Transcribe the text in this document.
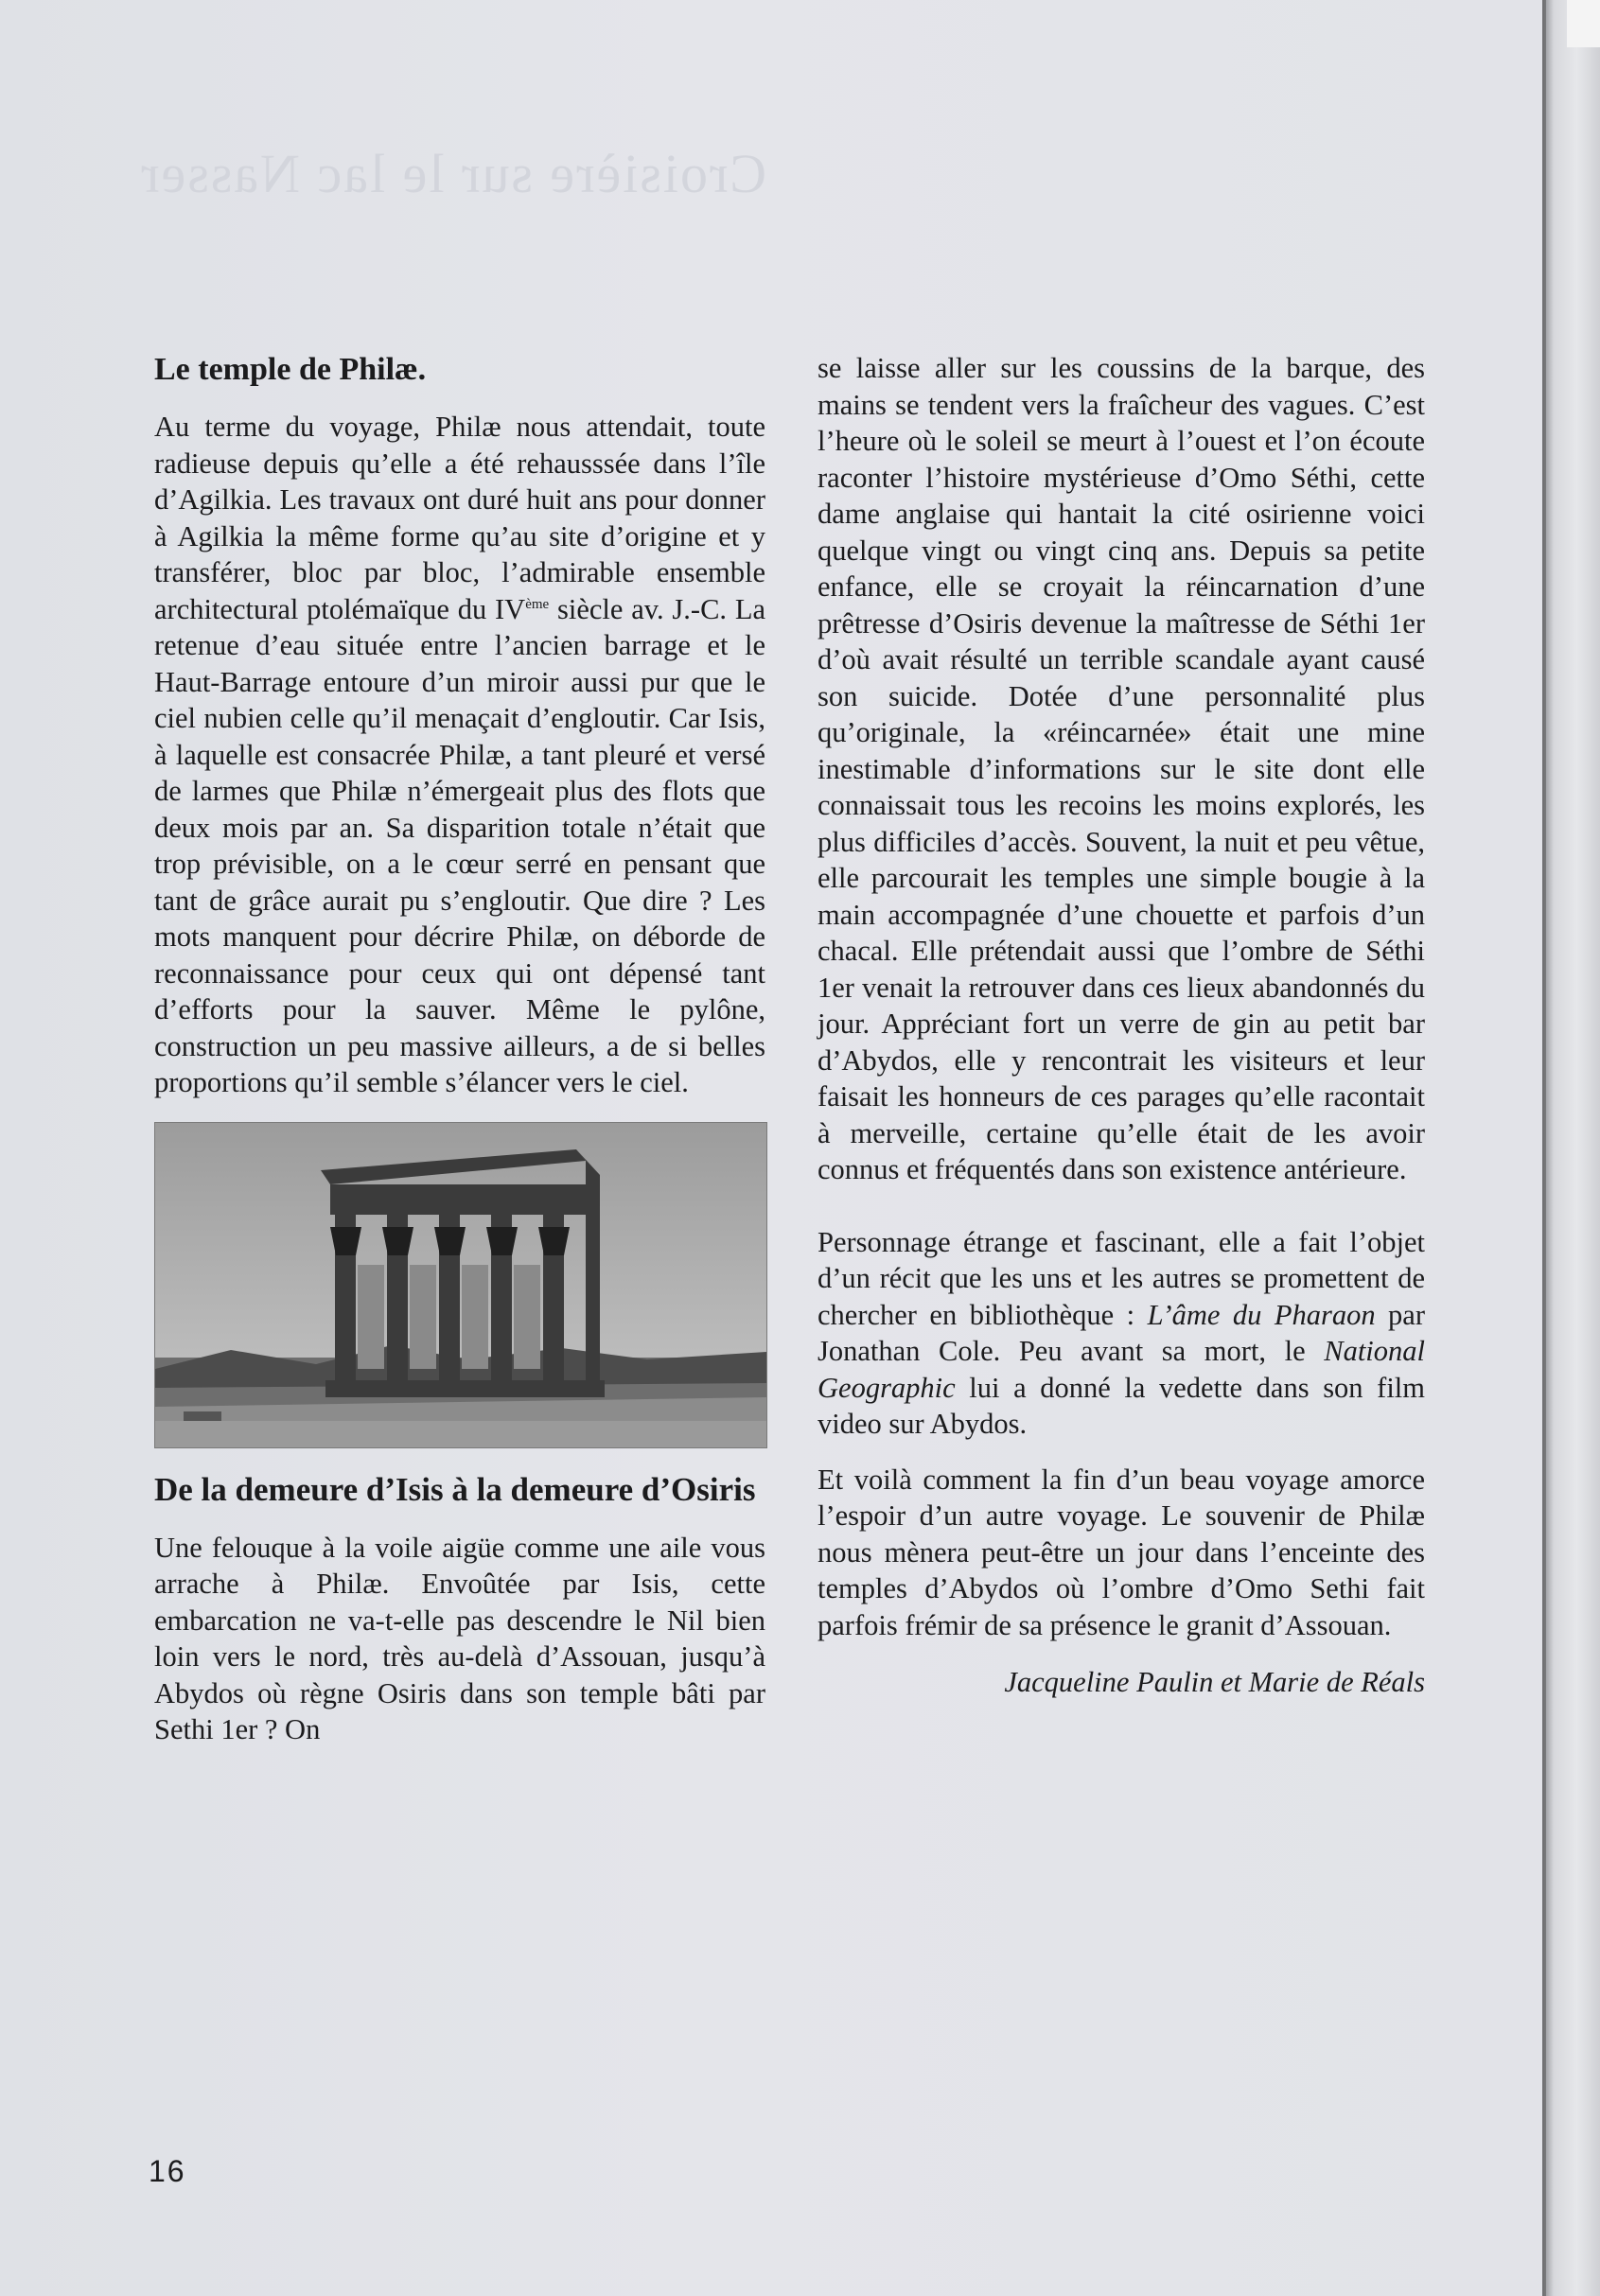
Croisière sur le lac Nasser
Le temple de Philæ.

Au terme du voyage, Philæ nous attendait, toute radieuse depuis qu’elle a été rehausssée dans l’île d’Agilkia. Les travaux ont duré huit ans pour donner à Agilkia la même forme qu’au site d’origine et y transférer, bloc par bloc, l’admirable ensemble architectural ptolémaïque du IVème siècle av. J.-C. La retenue d’eau située entre l’ancien barrage et le Haut-Barrage entoure d’un miroir aussi pur que le ciel nubien celle qu’il menaçait d’engloutir. Car Isis, à laquelle est consacrée Philæ, a tant pleuré et versé de larmes que Philæ n’émergeait plus des flots que deux mois par an. Sa disparition totale n’était que trop prévisible, on a le cœur serré en pensant que tant de grâce aurait pu s’engloutir. Que dire ? Les mots manquent pour décrire Philæ, on déborde de reconnaissance pour ceux qui ont dépensé tant d’efforts pour la sauver. Même le pylône, construction un peu massive ailleurs, a de si belles proportions qu’il semble s’élancer vers le ciel.

De la demeure d’Isis à la demeure d’Osiris

Une felouque à la voile aigüe comme une aile vous arrache à Philæ. Envoûtée par Isis, cette embarcation ne va-t-elle pas descendre le Nil bien loin vers le nord, très au-delà d’Assouan, jusqu’à Abydos où règne Osiris dans son temple bâti par Sethi 1er ? On

se laisse aller sur les coussins de la barque, des mains se tendent vers la fraîcheur des vagues. C’est l’heure où le soleil se meurt à l’ouest et l’on écoute raconter l’histoire mystérieuse d’Omo Séthi, cette dame anglaise qui hantait la cité osirienne voici quelque vingt ou vingt cinq ans. Depuis sa petite enfance, elle se croyait la réincarnation d’une prêtresse d’Osiris devenue la maîtresse de Séthi 1er d’où avait résulté un terrible scandale ayant causé son suicide. Dotée d’une personnalité plus qu’originale, la «réincarnée» était une mine inestimable d’informations sur le site dont elle connaissait tous les recoins les moins explorés, les plus difficiles d’accès. Souvent, la nuit et peu vêtue, elle parcourait les temples une simple bougie à la main accompagnée d’une chouette et parfois d’un chacal. Elle prétendait aussi que l’ombre de Séthi 1er venait la retrouver dans ces lieux abandonnés du jour. Appréciant fort un verre de gin au petit bar d’Abydos, elle y rencontrait les visiteurs et leur faisait les honneurs de ces parages qu’elle racontait à merveille, certaine qu’elle était de les avoir connus et fréquentés dans son existence antérieure.

Personnage étrange et fascinant, elle a fait l’objet d’un récit que les uns et les autres se promettent de chercher en bibliothèque : L’âme du Pharaon par Jonathan Cole. Peu avant sa mort, le National Geographic lui a donné la vedette dans son film video sur Abydos.

Et voilà comment la fin d’un beau voyage amorce l’espoir d’un autre voyage. Le souvenir de Philæ nous mènera peut-être un jour dans l’enceinte des temples d’Abydos où l’ombre d’Omo Sethi fait parfois frémir de sa présence le granit d’Assouan.

Jacqueline Paulin et Marie de Réals
16
